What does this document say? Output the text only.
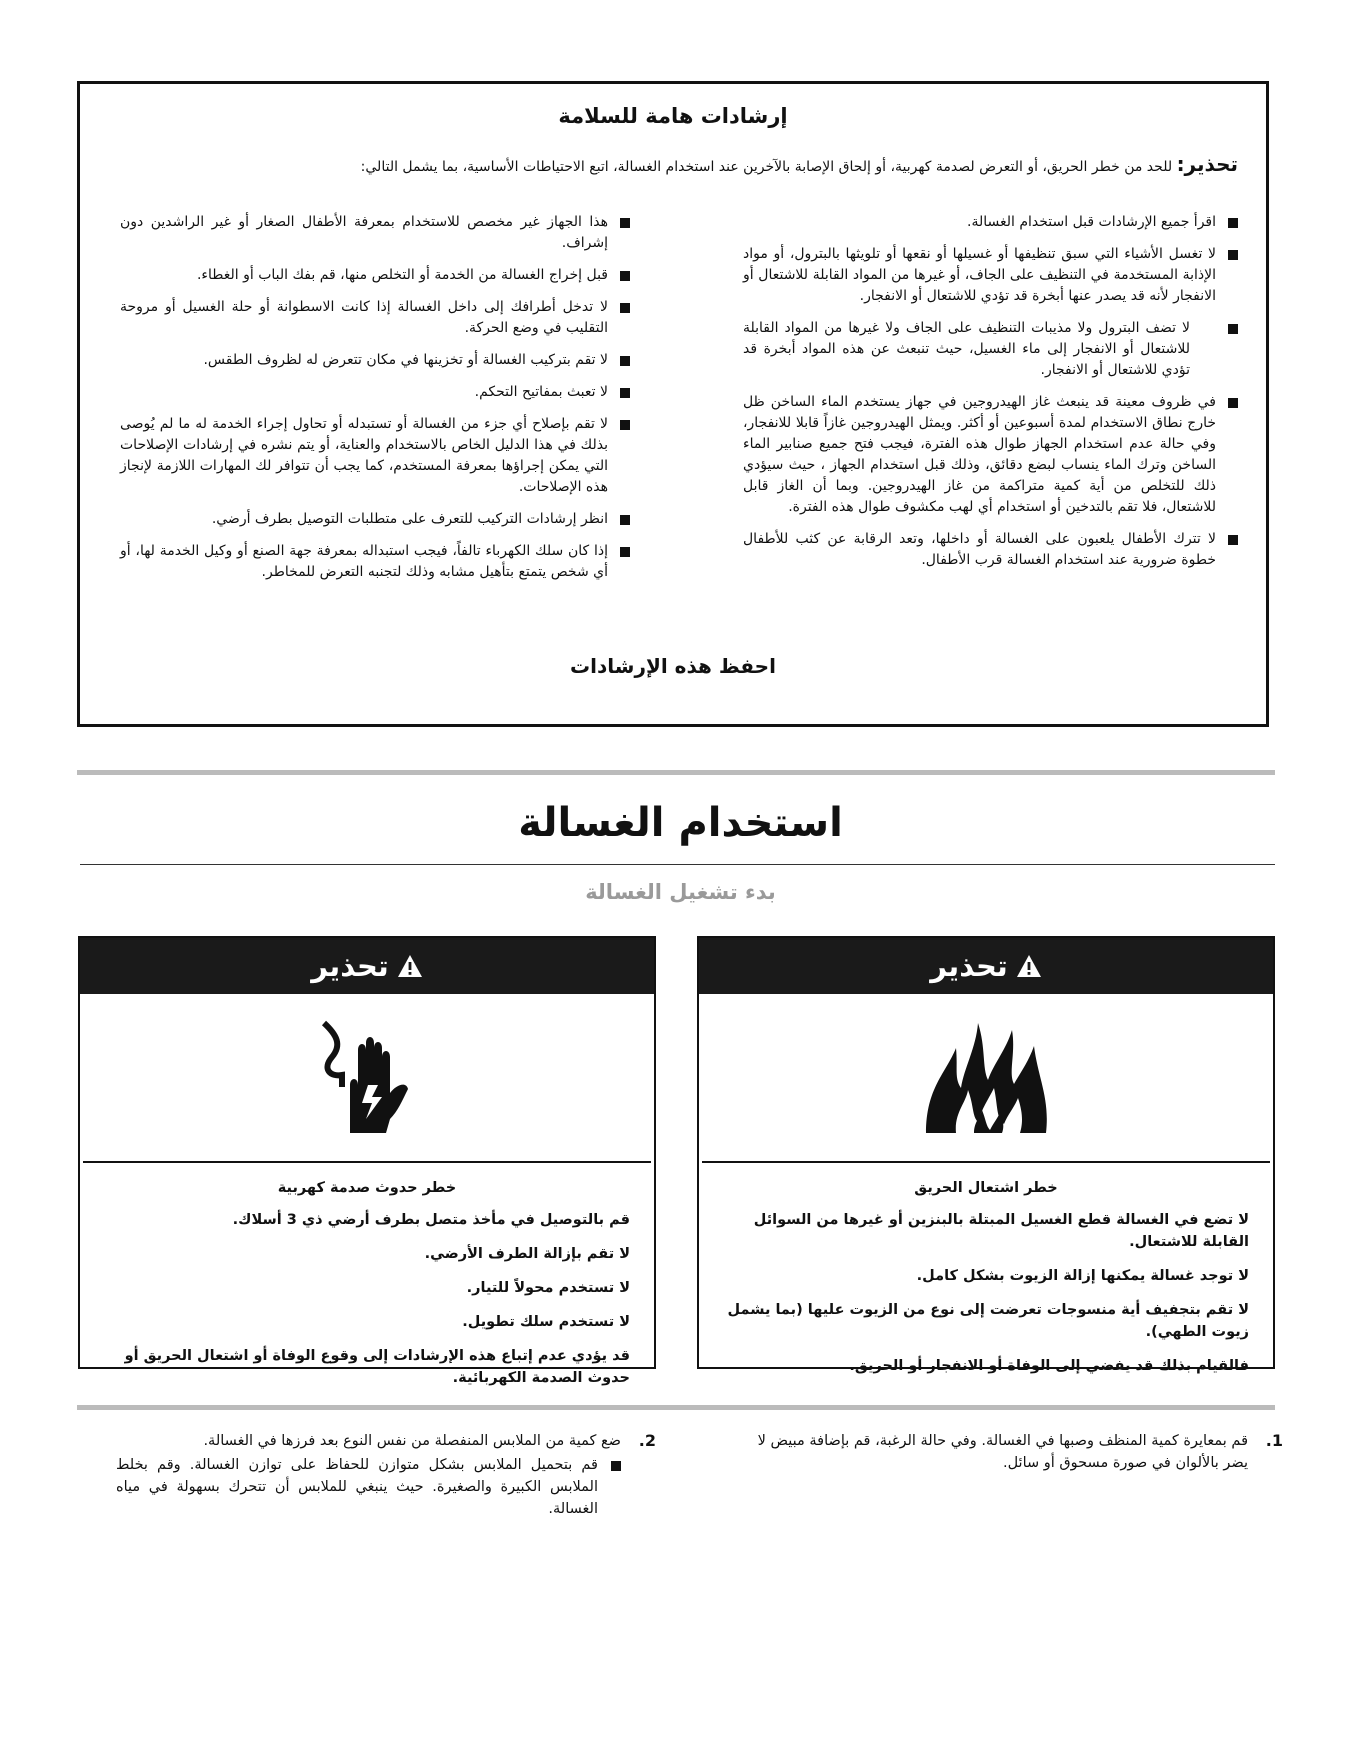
إرشادات هامة للسلامة
تحذير: للحد من خطر الحريق، أو التعرض لصدمة كهربية، أو إلحاق الإصابة بالآخرين عند استخدام الغسالة، اتبع الاحتياطات الأساسية، بما يشمل التالي:
اقرأ جميع الإرشادات قبل استخدام الغسالة.
لا تغسل الأشياء التي سبق تنظيفها أو غسيلها أو نقعها أو تلويثها بالبترول، أو مواد الإذابة المستخدمة في التنظيف على الجاف، أو غيرها من المواد القابلة للاشتعال أو الانفجار لأنه قد يصدر عنها أبخرة قد تؤدي للاشتعال أو الانفجار.
لا تضف البترول ولا مذيبات التنظيف على الجاف ولا غيرها من المواد القابلة للاشتعال أو الانفجار إلى ماء الغسيل، حيث تنبعث عن هذه المواد أبخرة قد تؤدي للاشتعال أو الانفجار.
في ظروف معينة قد ينبعث غاز الهيدروجين في جهاز يستخدم الماء الساخن ظل خارج نطاق الاستخدام لمدة أسبوعين أو أكثر. ويمثل الهيدروجين غازاً قابلا للانفجار، وفي حالة عدم استخدام الجهاز طوال هذه الفترة، فيجب فتح جميع صنابير الماء الساخن وترك الماء ينساب لبضع دقائق، وذلك قبل استخدام الجهاز ، حيث سيؤدي ذلك للتخلص من أية كمية متراكمة من غاز الهيدروجين. وبما أن الغاز قابل للاشتعال، فلا تقم بالتدخين أو استخدام أي لهب مكشوف طوال هذه الفترة.
لا تترك الأطفال يلعبون على الغسالة أو داخلها، وتعد الرقابة عن كثب للأطفال خطوة ضرورية عند استخدام الغسالة قرب الأطفال.
هذا الجهاز غير مخصص للاستخدام بمعرفة الأطفال الصغار أو غير الراشدين دون إشراف.
قبل إخراج الغسالة من الخدمة أو التخلص منها، قم بفك الباب أو الغطاء.
لا تدخل أطرافك إلى داخل الغسالة إذا كانت الاسطوانة أو حلة الغسيل أو مروحة التقليب في وضع الحركة.
لا تقم بتركيب الغسالة أو تخزينها في مكان تتعرض له لظروف الطقس.
لا تعبث بمفاتيح التحكم.
لا تقم بإصلاح أي جزء من الغسالة أو تستبدله أو تحاول إجراء الخدمة له ما لم يُوصى بذلك في هذا الدليل الخاص بالاستخدام والعناية، أو يتم نشره في إرشادات الإصلاحات التي يمكن إجراؤها بمعرفة المستخدم، كما يجب أن تتوافر لك المهارات اللازمة لإنجاز هذه الإصلاحات.
انظر إرشادات التركيب للتعرف على متطلبات التوصيل بطرف أرضي.
إذا كان سلك الكهرباء تالفاً، فيجب استبداله بمعرفة جهة الصنع أو وكيل الخدمة لها، أو أي شخص يتمتع بتأهيل مشابه وذلك لتجنبه التعرض للمخاطر.
احفظ هذه الإرشادات
استخدام الغسالة
بدء تشغيل الغسالة
تحذير
خطر اشتعال الحريق

لا تضع في الغسالة قطع الغسيل المبتلة بالبنزين أو غيرها من السوائل القابلة للاشتعال.

لا توجد غسالة يمكنها إزالة الزيوت بشكل كامل.

لا تقم بتجفيف أية منسوجات تعرضت إلى نوع من الزيوت عليها (بما يشمل زيوت الطهي).

فالقيام بذلك قد يفضي إلى الوفاة أو الانفجار أو الحريق.

تحذير
خطر حدوث صدمة كهربية

قم بالتوصيل في مأخذ متصل بطرف أرضي ذي 3 أسلاك.

لا تقم بإزالة الطرف الأرضي.

لا تستخدم محولاً للتيار.

لا تستخدم سلك تطويل.

قد يؤدي عدم إتباع هذه الإرشادات إلى وقوع الوفاة أو اشتعال الحريق أو حدوث الصدمة الكهربائية.

1.
قم بمعايرة كمية المنظف وصبها في الغسالة. وفي حالة الرغبة، قم بإضافة مبيض لا يضر بالألوان في صورة مسحوق أو سائل.
2.
ضع كمية من الملابس المنفصلة من نفس النوع بعد فرزها في الغسالة.
قم بتحميل الملابس بشكل متوازن للحفاظ على توازن الغسالة. وقم بخلط الملابس الكبيرة والصغيرة. حيث ينبغي للملابس أن تتحرك بسهولة في مياه الغسالة.
